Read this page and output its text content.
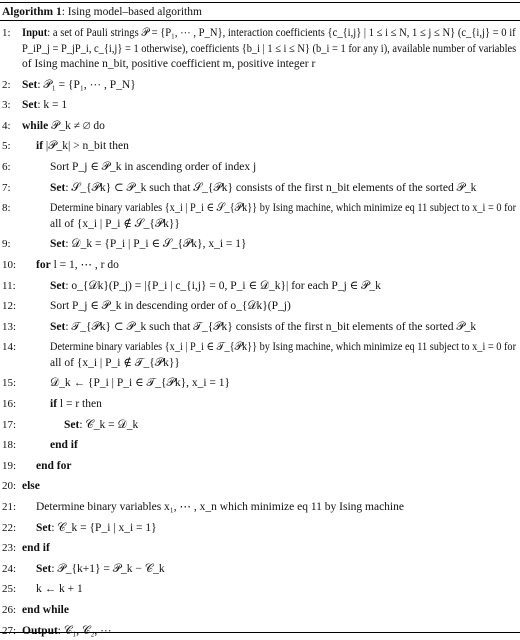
Algorithm 1: Ising model–based algorithm
1: Input: a set of Pauli strings 𝒫 = {P₁, ⋯ , P_N}, interaction coefficients {c_{i,j} | 1 ≤ i ≤ N, 1 ≤ j ≤ N} (c_{i,j} = 0 if
P_iP_j = P_jP_i, c_{i,j} = 1 otherwise), coefficients {b_i | 1 ≤ i ≤ N} (b_i = 1 for any i), available number of variables
of Ising machine n_bit, positive coefficient m, positive integer r
2: Set: 𝒫₁ = {P₁, ⋯ , P_N}
3: Set: k = 1
4: while 𝒫_k ≠ ∅ do
5:	if |𝒫_k| > n_bit then
6:	Sort P_j ∈ 𝒫_k in ascending order of index j
7:	Set: 𝒮_{𝒫k} ⊂ 𝒫_k such that 𝒮_{𝒫k} consists of the first n_bit elements of the sorted 𝒫_k
8:	Determine binary variables {x_i | P_i ∈ 𝒮_{𝒫k}} by Ising machine, which minimize eq 11 subject to x_i = 0 for
all of {x_i | P_i ∉ 𝒮_{𝒫k}}
9:	Set: 𝒟_k = {P_i | P_i ∈ 𝒮_{𝒫k}, x_i = 1}
10:	for l = 1, ⋯ , r do
11:	Set: o_{𝒟k}(P_j) = |{P_i | c_{i,j} = 0, P_i ∈ 𝒟_k}| for each P_j ∈ 𝒫_k
12:	Sort P_j ∈ 𝒫_k in descending order of o_{𝒟k}(P_j)
13:	Set: 𝒯_{𝒫k} ⊂ 𝒫_k such that 𝒯_{𝒫k} consists of the first n_bit elements of the sorted 𝒫_k
14:	Determine binary variables {x_i | P_i ∈ 𝒯_{𝒫k}} by Ising machine, which minimize eq 11 subject to x_i = 0 for
all of {x_i | P_i ∉ 𝒯_{𝒫k}}
15:	𝒟_k ← {P_i | P_i ∈ 𝒯_{𝒫k}, x_i = 1}
16:	if l = r then
17:	Set: 𝒞_k = 𝒟_k
18:	end if
19:	end for
20: else
21:	Determine binary variables x₁, ⋯ , x_n which minimize eq 11 by Ising machine
22:	Set: 𝒞_k = {P_i | x_i = 1}
23: end if
24:	Set: 𝒫_{k+1} = 𝒫_k − 𝒞_k
25:	k ← k + 1
26: end while
27: Output: 𝒞₁, 𝒞₂, ⋯
